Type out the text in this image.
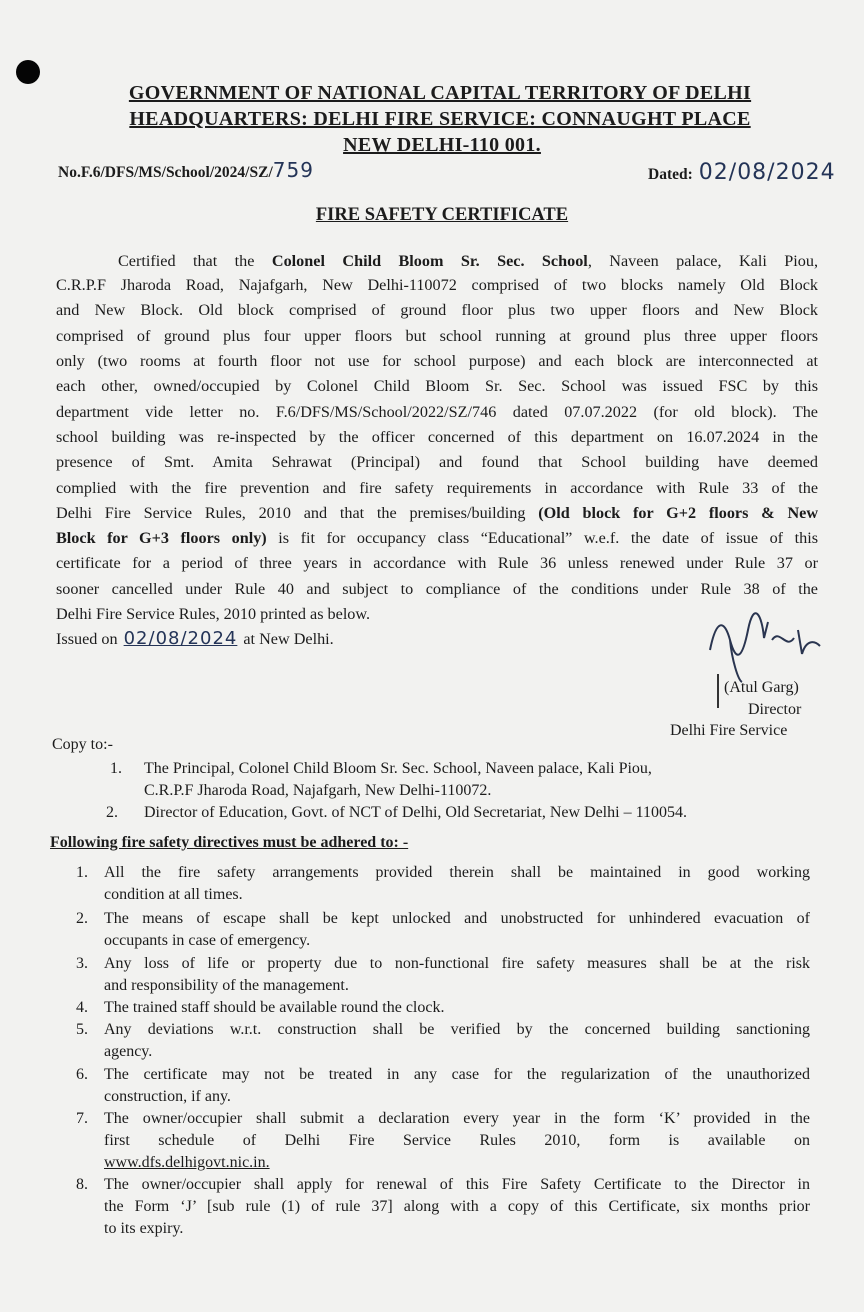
GOVERNMENT OF NATIONAL CAPITAL TERRITORY OF DELHI
HEADQUARTERS: DELHI FIRE SERVICE: CONNAUGHT PLACE
NEW DELHI-110 001.
No.F.6/DFS/MS/School/2024/SZ/759	Dated: 02/08/2024
FIRE SAFETY CERTIFICATE
Certified that the Colonel Child Bloom Sr. Sec. School, Naveen palace, Kali Piou,
C.R.P.F Jharoda Road, Najafgarh, New Delhi-110072 comprised of two blocks namely Old Block
and New Block. Old block comprised of ground floor plus two upper floors and New Block
comprised of ground plus four upper floors but school running at ground plus three upper floors
only (two rooms at fourth floor not use for school purpose) and each block are interconnected at
each other, owned/occupied by Colonel Child Bloom Sr. Sec. School was issued FSC by this
department vide letter no. F.6/DFS/MS/School/2022/SZ/746 dated 07.07.2022 (for old block). The
school building was re-inspected by the officer concerned of this department on 16.07.2024 in the
presence of Smt. Amita Sehrawat (Principal) and found that School building have deemed
complied with the fire prevention and fire safety requirements in accordance with Rule 33 of the
Delhi Fire Service Rules, 2010 and that the premises/building (Old block for G+2 floors & New
Block for G+3 floors only) is fit for occupancy class “Educational” w.e.f. the date of issue of this
certificate for a period of three years in accordance with Rule 36 unless renewed under Rule 37 or
sooner cancelled under Rule 40 and subject to compliance of the conditions under Rule 38 of the
Delhi Fire Service Rules, 2010 printed as below.
Issued on 02/08/2024 at New Delhi.
(Atul Garg)
Director
Delhi Fire Service
Copy to:-
1. The Principal, Colonel Child Bloom Sr. Sec. School, Naveen palace, Kali Piou,
C.R.P.F Jharoda Road, Najafgarh, New Delhi-110072.
2. Director of Education, Govt. of NCT of Delhi, Old Secretariat, New Delhi – 110054.
Following fire safety directives must be adhered to: -
1. All the fire safety arrangements provided therein shall be maintained in good working
condition at all times.
2. The means of escape shall be kept unlocked and unobstructed for unhindered evacuation of
occupants in case of emergency.
3. Any loss of life or property due to non-functional fire safety measures shall be at the risk
and responsibility of the management.
4. The trained staff should be available round the clock.
5. Any deviations w.r.t. construction shall be verified by the concerned building sanctioning
agency.
6. The certificate may not be treated in any case for the regularization of the unauthorized
construction, if any.
7. The owner/occupier shall submit a declaration every year in the form ‘K’ provided in the
first schedule of Delhi Fire Service Rules 2010, form is available on
www.dfs.delhigovt.nic.in.
8. The owner/occupier shall apply for renewal of this Fire Safety Certificate to the Director in
the Form ‘J’ [sub rule (1) of rule 37] along with a copy of this Certificate, six months prior
to its expiry.
